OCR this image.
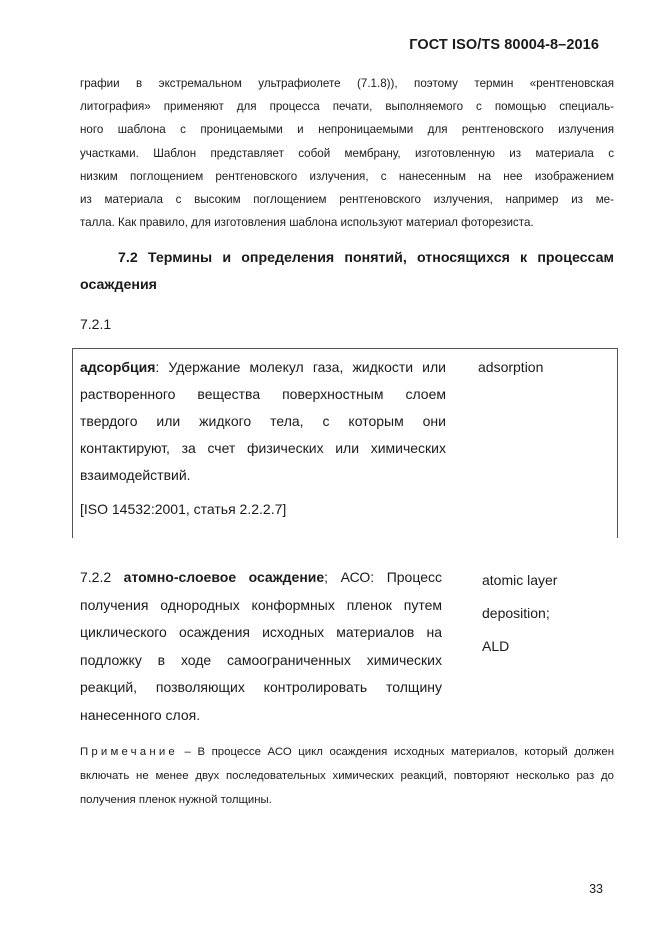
ГОСТ ISO/TS 80004-8–2016

графии в экстремальном ультрафиолете (7.1.8)), поэтому термин «рентгеновская

литография» применяют для процесса печати, выполняемого с помощью специаль-

ного шаблона с проницаемыми и непроницаемыми для рентгеновского излучения

участками. Шаблон представляет собой мембрану, изготовленную из материала с

низким поглощением рентгеновского излучения, с нанесенным на нее изображением

из материала с высоким поглощением рентгеновского излучения, например из ме-

талла. Как правило, для изготовления шаблона используют материал фоторезиста.

7.2 Термины и определения понятий, относящихся к процессам осаждения
7.2.1

адсорбция: Удержание молекул газа, жидкости или растворенного вещества поверхностным слоем твердого или жидкого тела, с которым они контактируют, за счет физических или химических взаимодействий.

[ISO 14532:2001, статья 2.2.2.7]

adsorption

7.2.2 атомно-слоевое осаждение; АСО: Процесс получения однородных конформных пленок путем циклического осаждения исходных материалов на подложку в ходе самоограниченных химических реакций, позволяющих контролировать толщину нанесенного слоя.

atomic layer
deposition;
ALD

Примечание – В процессе АСО цикл осаждения исходных материалов, который должен включать не менее двух последовательных химических реакций, повторяют несколько раз до получения пленок нужной толщины.

33
